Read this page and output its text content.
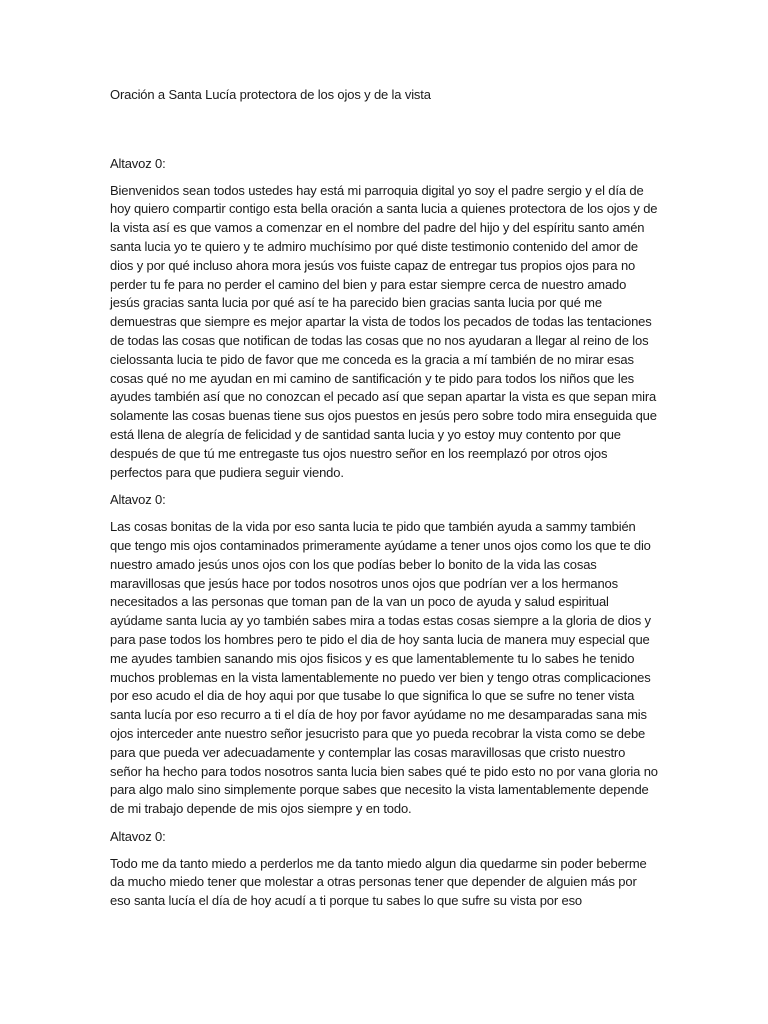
Oración a Santa Lucía protectora de los ojos y de la vista

Altavoz 0:

Bienvenidos sean todos ustedes hay está mi parroquia digital yo soy el padre sergio y el día de hoy quiero compartir contigo esta bella oración a santa lucia a quienes protectora de los ojos y de la vista así es que vamos a comenzar en el nombre del padre del hijo y del espíritu santo amén santa lucia yo te quiero y te admiro muchísimo por qué diste testimonio contenido del amor de dios y por qué incluso ahora mora jesús vos fuiste capaz de entregar tus propios ojos para no perder tu fe para no perder el camino del bien y para estar siempre cerca de nuestro amado jesús gracias santa lucia por qué así te ha parecido bien gracias santa lucia por qué me demuestras que siempre es mejor apartar la vista de todos los pecados de todas las tentaciones de todas las cosas que notifican de todas las cosas que no nos ayudaran a llegar al reino de los cielossanta lucia te pido de favor que me conceda es la gracia a mí también de no mirar esas cosas qué no me ayudan en mi camino de santificación y te pido para todos los niños que les ayudes también así que no conozcan el pecado así que sepan apartar la vista es que sepan mira solamente las cosas buenas tiene sus ojos puestos en jesús pero sobre todo mira enseguida que está llena de alegría de felicidad y de santidad santa lucia y yo estoy muy contento por que después de que tú me entregaste tus ojos nuestro señor en los reemplazó por otros ojos perfectos para que pudiera seguir viendo.

Altavoz 0:

Las cosas bonitas de la vida por eso santa lucia te pido que también ayuda a sammy también que tengo mis ojos contaminados primeramente ayúdame a tener unos ojos como los que te dio nuestro amado jesús unos ojos con los que podías beber lo bonito de la vida las cosas maravillosas que jesús hace por todos nosotros unos ojos que podrían ver a los hermanos necesitados a las personas que toman pan de la van un poco de ayuda y salud espiritual ayúdame santa lucia ay yo también sabes mira a todas estas cosas siempre a la gloria de dios y para pase todos los hombres pero te pido el dia de hoy santa lucia de manera muy especial que me ayudes tambien sanando mis ojos fisicos y es que lamentablemente tu lo sabes he tenido muchos problemas en la vista lamentablemente no puedo ver bien y tengo otras complicaciones por eso acudo el dia de hoy aqui por que tusabe lo que significa lo que se sufre no tener vista santa lucía por eso recurro a ti el día de hoy por favor ayúdame no me desamparadas sana mis ojos interceder ante nuestro señor jesucristo para que yo pueda recobrar la vista como se debe para que pueda ver adecuadamente y contemplar las cosas maravillosas que cristo nuestro señor ha hecho para todos nosotros santa lucia bien sabes qué te pido esto no por vana gloria no para algo malo sino simplemente porque sabes que necesito la vista lamentablemente depende de mi trabajo depende de mis ojos siempre y en todo.

Altavoz 0:

Todo me da tanto miedo a perderlos me da tanto miedo algun dia quedarme sin poder beberme da mucho miedo tener que molestar a otras personas tener que depender de alguien más por eso santa lucía el día de hoy acudí a ti porque tu sabes lo que sufre su vista por eso
